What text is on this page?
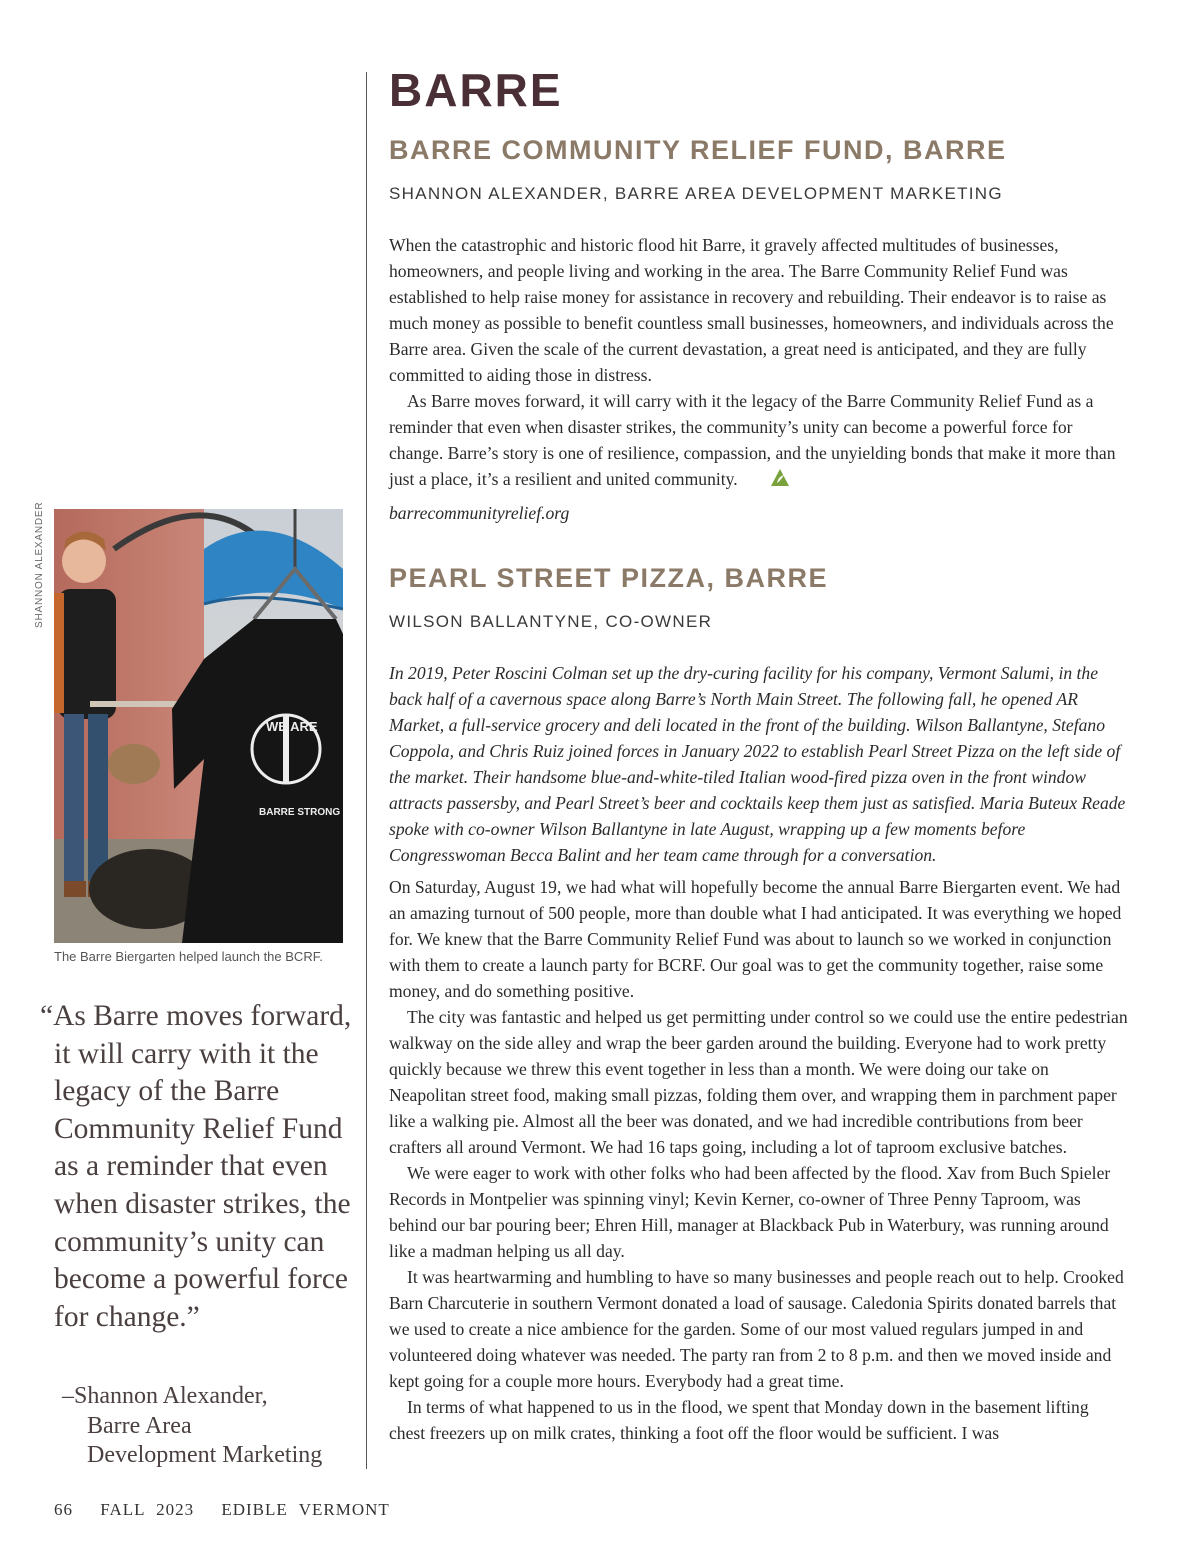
BARRE
BARRE COMMUNITY RELIEF FUND, BARRE
SHANNON ALEXANDER, BARRE AREA DEVELOPMENT MARKETING

When the catastrophic and historic flood hit Barre, it gravely affected multitudes of businesses, homeowners, and people living and working in the area. The Barre Community Relief Fund was established to help raise money for assistance in recovery and rebuilding. Their endeavor is to raise as much money as possible to benefit countless small businesses, homeowners, and individuals across the Barre area. Given the scale of the current devastation, a great need is anticipated, and they are fully committed to aiding those in distress.

As Barre moves forward, it will carry with it the legacy of the Barre Community Relief Fund as a reminder that even when disaster strikes, the community’s unity can become a powerful force for change. Barre’s story is one of resilience, compassion, and the unyielding bonds that make it more than just a place, it’s a resilient and united community.

barrecommunityrelief.org
PEARL STREET PIZZA, BARRE
WILSON BALLANTYNE, CO-OWNER

In 2019, Peter Roscini Colman set up the dry-curing facility for his company, Vermont Salumi, in the back half of a cavernous space along Barre’s North Main Street. The following fall, he opened AR Market, a full-service grocery and deli located in the front of the building. Wilson Ballantyne, Stefano Coppola, and Chris Ruiz joined forces in January 2022 to establish Pearl Street Pizza on the left side of the market. Their handsome blue-and-white-tiled Italian wood-fired pizza oven in the front window attracts passersby, and Pearl Street’s beer and cocktails keep them just as satisfied. Maria Buteux Reade spoke with co-owner Wilson Ballantyne in late August, wrapping up a few moments before Congresswoman Becca Balint and her team came through for a conversation.

On Saturday, August 19, we had what will hopefully become the annual Barre Biergarten event. We had an amazing turnout of 500 people, more than double what I had anticipated. It was everything we hoped for. We knew that the Barre Community Relief Fund was about to launch so we worked in conjunction with them to create a launch party for BCRF. Our goal was to get the community together, raise some money, and do something positive.

The city was fantastic and helped us get permitting under control so we could use the entire pedestrian walkway on the side alley and wrap the beer garden around the building. Everyone had to work pretty quickly because we threw this event together in less than a month. We were doing our take on Neapolitan street food, making small pizzas, folding them over, and wrapping them in parchment paper like a walking pie. Almost all the beer was donated, and we had incredible contributions from beer crafters all around Vermont. We had 16 taps going, including a lot of taproom exclusive batches.

We were eager to work with other folks who had been affected by the flood. Xav from Buch Spieler Records in Montpelier was spinning vinyl; Kevin Kerner, co-owner of Three Penny Taproom, was behind our bar pouring beer; Ehren Hill, manager at Blackback Pub in Waterbury, was running around like a madman helping us all day.

It was heartwarming and humbling to have so many businesses and people reach out to help. Crooked Barn Charcuterie in southern Vermont donated a load of sausage. Caledonia Spirits donated barrels that we used to create a nice ambience for the garden. Some of our most valued regulars jumped in and volunteered doing whatever was needed. The party ran from 2 to 8 p.m. and then we moved inside and kept going for a couple more hours. Everybody had a great time.

In terms of what happened to us in the flood, we spent that Monday down in the basement lifting chest freezers up on milk crates, thinking a foot off the floor would be sufficient. I was

SHANNON ALEXANDER
WE ARE
BARRE STRONG
The Barre Biergarten helped launch the BCRF.

“As Barre moves forward, it will carry with it the legacy of the Barre Community Relief Fund as a reminder that even when disaster strikes, the community’s unity can become a powerful force for change.”

–Shannon Alexander,
Barre Area
Development Marketing
66 FALL 2023 EDIBLE VERMONT
